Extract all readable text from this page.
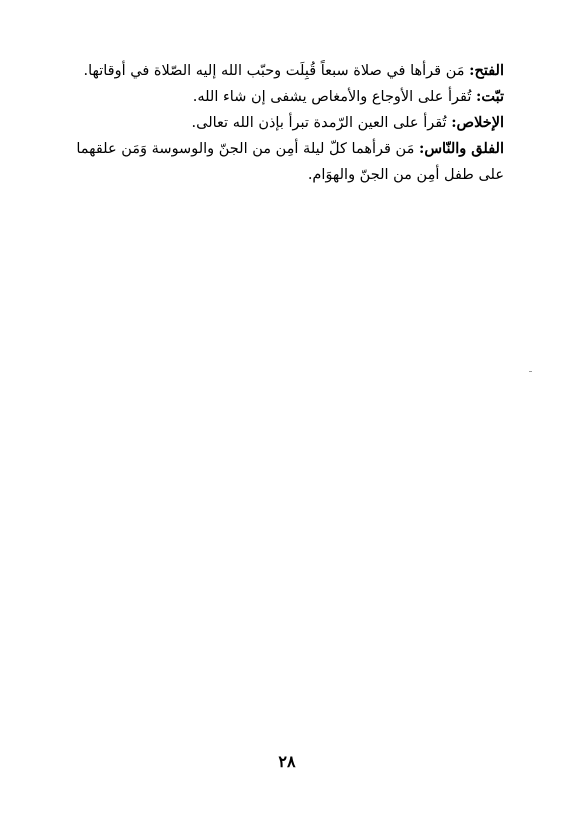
الفتح: مَن قرأها في صلاة سبعاً قُبِلَت وحبّب الله إليه الصّلاة في أوقاتها.

تبّت: تُقرأ على الأوجاع والأمغاص يشفى إن شاء الله.

الإخلاص: تُقرأ على العين الرّمدة تبرأ بإذن الله تعالى.

الفلق والنّاس: مَن قرأهما كلّ ليلة أمِن من الجنّ والوسوسة وَمَن علقهما على طفل أمِن من الجنّ والهوَام.

٢٨
